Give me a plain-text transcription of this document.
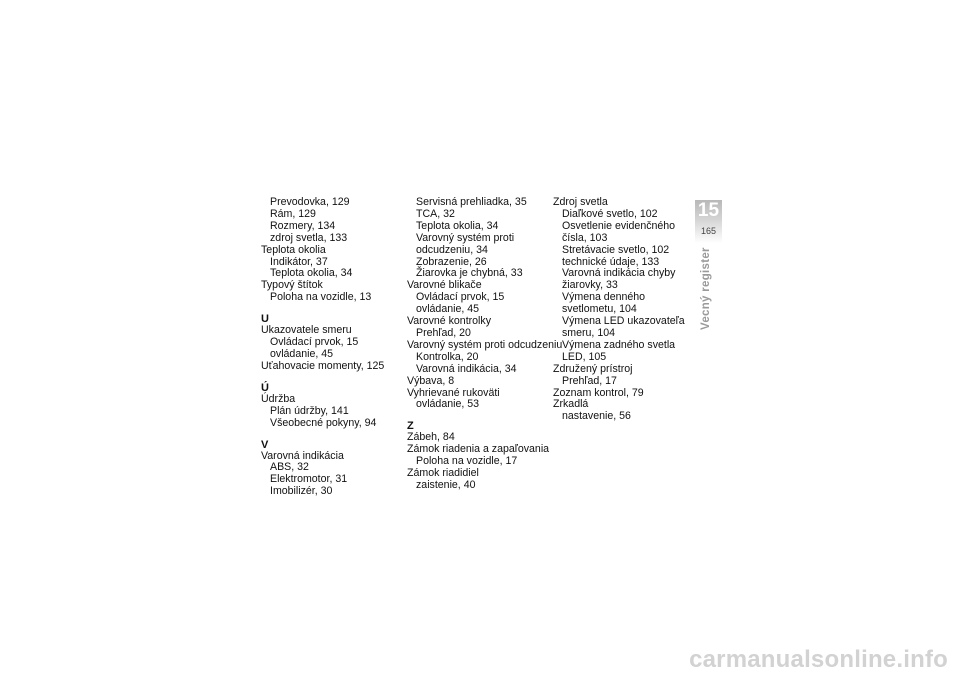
Prevodovka, 129
Rám, 129
Rozmery, 134
zdroj svetla, 133
Teplota okolia
Indikátor, 37
Teplota okolia, 34
Typový štítok
Poloha na vozidle, 13
U
Ukazovatele smeru
Ovládací prvok, 15
ovládanie, 45
Uťahovacie momenty, 125
Ú
Údržba
Plán údržby, 141
Všeobecné pokyny, 94
V
Varovná indikácia
ABS, 32
Elektromotor, 31
Imobilizér, 30
Servisná prehliadka, 35
TCA, 32
Teplota okolia, 34
Varovný systém proti
odcudzeniu, 34
Zobrazenie, 26
Žiarovka je chybná, 33
Varovné blikače
Ovládací prvok, 15
ovládanie, 45
Varovné kontrolky
Prehľad, 20
Varovný systém proti odcudzeniu
Kontrolka, 20
Varovná indikácia, 34
Výbava, 8
Vyhrievané rukoväti
ovládanie, 53
Z
Zábeh, 84
Zámok riadenia a zapaľovania
Poloha na vozidle, 17
Zámok riadidiel
zaistenie, 40
Zdroj svetla
Diaľkové svetlo, 102
Osvetlenie evidenčného
čísla, 103
Stretávacie svetlo, 102
technické údaje, 133
Varovná indikácia chyby
žiarovky, 33
Výmena denného
svetlometu, 104
Výmena LED ukazovateľa
smeru, 104
Výmena zadného svetla
LED, 105
Združený prístroj
Prehľad, 17
Zoznam kontrol, 79
Zrkadlá
nastavenie, 56
15
165
Vecný register
carmanualsonline.info
